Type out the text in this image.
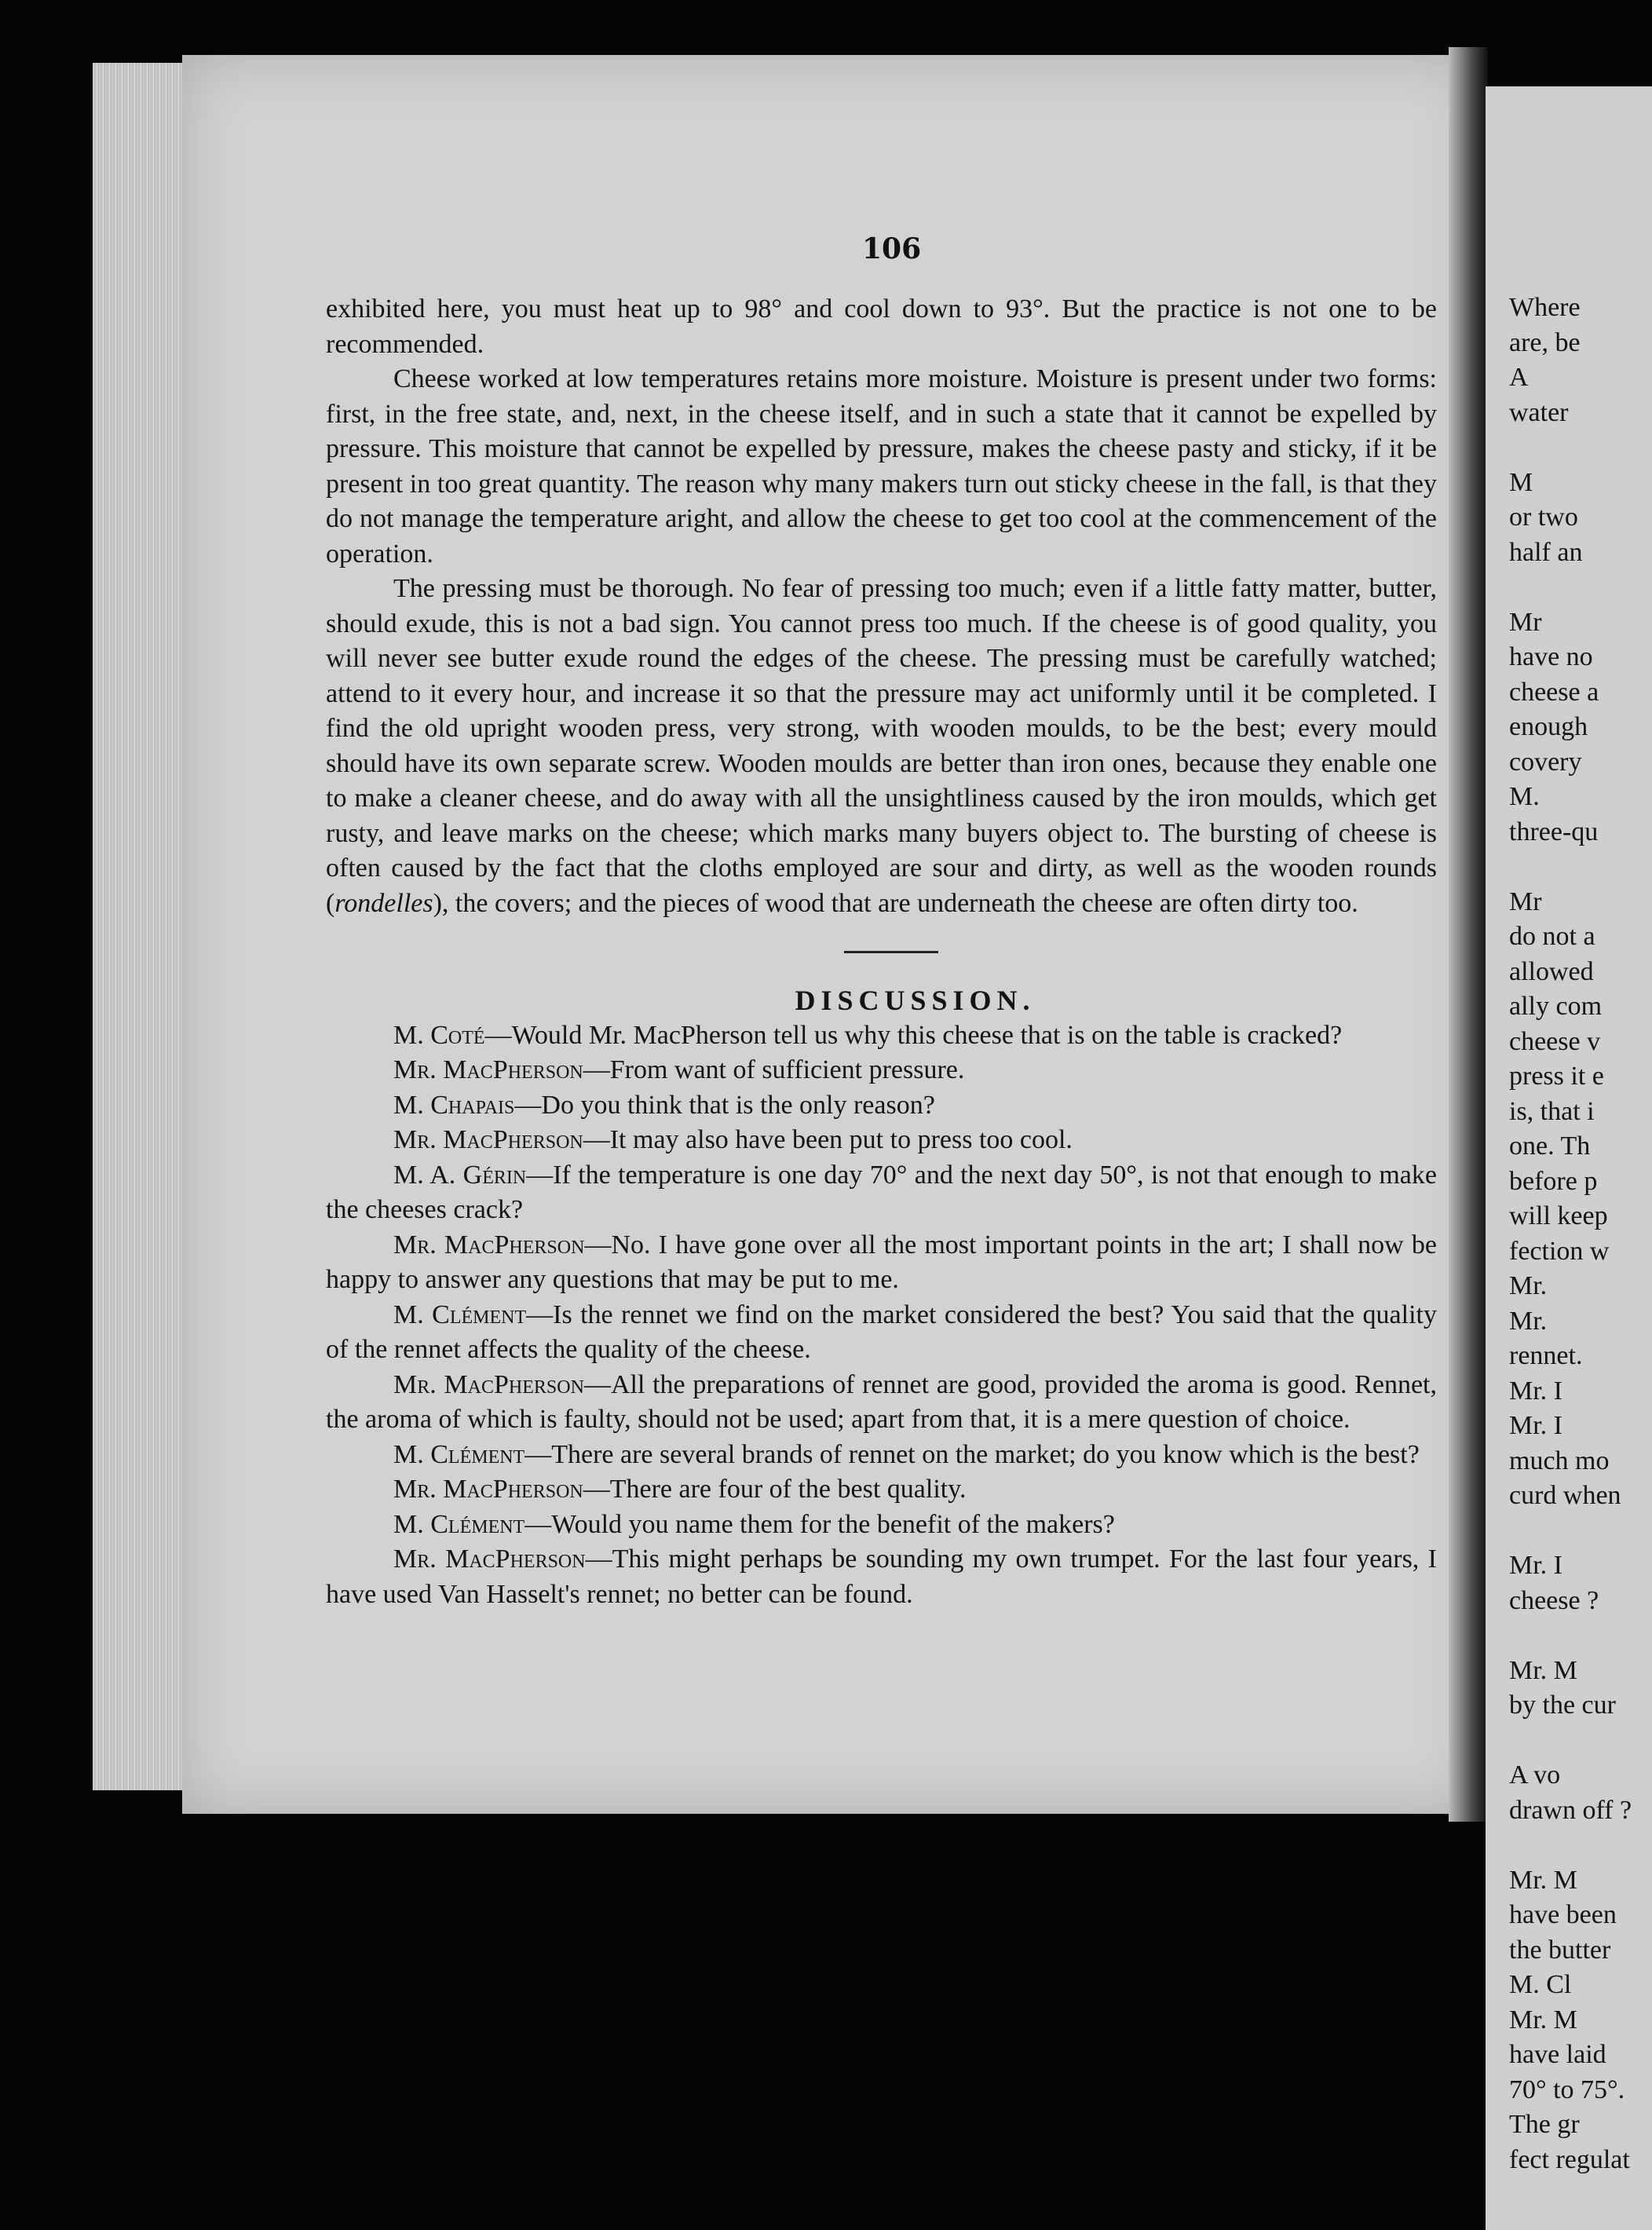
Where
are, be
A
water
M
or two
half an
Mr
have no
cheese a
enough
covery
M.
three-qu
Mr
do not a
allowed
ally com
cheese v
press it e
is, that i
one. Th
before p
will keep
fection w
Mr.
Mr.
rennet.
Mr. I
Mr. I
much mo
curd when
Mr. I
cheese ?
Mr. M
by the cur
A vo
drawn off ?
Mr. M
have been
the butter
M. Cl
Mr. M
have laid
70° to 75°.
The gr
fect regulat
106

exhibited here, you must heat up to 98° and cool down to 93°. But the practice is not one to be recommended.

Cheese worked at low temperatures retains more moisture. Moisture is present under two forms: first, in the free state, and, next, in the cheese itself, and in such a state that it cannot be expelled by pressure. This moisture that cannot be expelled by pressure, makes the cheese pasty and sticky, if it be present in too great quantity. The reason why many makers turn out sticky cheese in the fall, is that they do not manage the temperature aright, and allow the cheese to get too cool at the commencement of the operation.

The pressing must be thorough. No fear of pressing too much; even if a little fatty matter, butter, should exude, this is not a bad sign. You cannot press too much. If the cheese is of good quality, you will never see butter exude round the edges of the cheese. The pressing must be carefully watched; attend to it every hour, and increase it so that the pressure may act uniformly until it be completed. I find the old upright wooden press, very strong, with wooden moulds, to be the best; every mould should have its own separate screw. Wooden moulds are better than iron ones, because they enable one to make a cleaner cheese, and do away with all the unsightliness caused by the iron moulds, which get rusty, and leave marks on the cheese; which marks many buyers object to. The bursting of cheese is often caused by the fact that the cloths employed are sour and dirty, as well as the wooden rounds (rondelles), the covers; and the pieces of wood that are underneath the cheese are often dirty too.

DISCUSSION.

M. Coté—Would Mr. MacPherson tell us why this cheese that is on the table is cracked?

Mr. MacPherson—From want of sufficient pressure.

M. Chapais—Do you think that is the only reason?

Mr. MacPherson—It may also have been put to press too cool.

M. A. Gérin—If the temperature is one day 70° and the next day 50°, is not that enough to make the cheeses crack?

Mr. MacPherson—No. I have gone over all the most important points in the art; I shall now be happy to answer any questions that may be put to me.

M. Clément—Is the rennet we find on the market considered the best? You said that the quality of the rennet affects the quality of the cheese.

Mr. MacPherson—All the preparations of rennet are good, provided the aroma is good. Rennet, the aroma of which is faulty, should not be used; apart from that, it is a mere question of choice.

M. Clément—There are several brands of rennet on the market; do you know which is the best?

Mr. MacPherson—There are four of the best quality.

M. Clément—Would you name them for the benefit of the makers?

Mr. MacPherson—This might perhaps be sounding my own trumpet. For the last four years, I have used Van Hasselt's rennet; no better can be found.
